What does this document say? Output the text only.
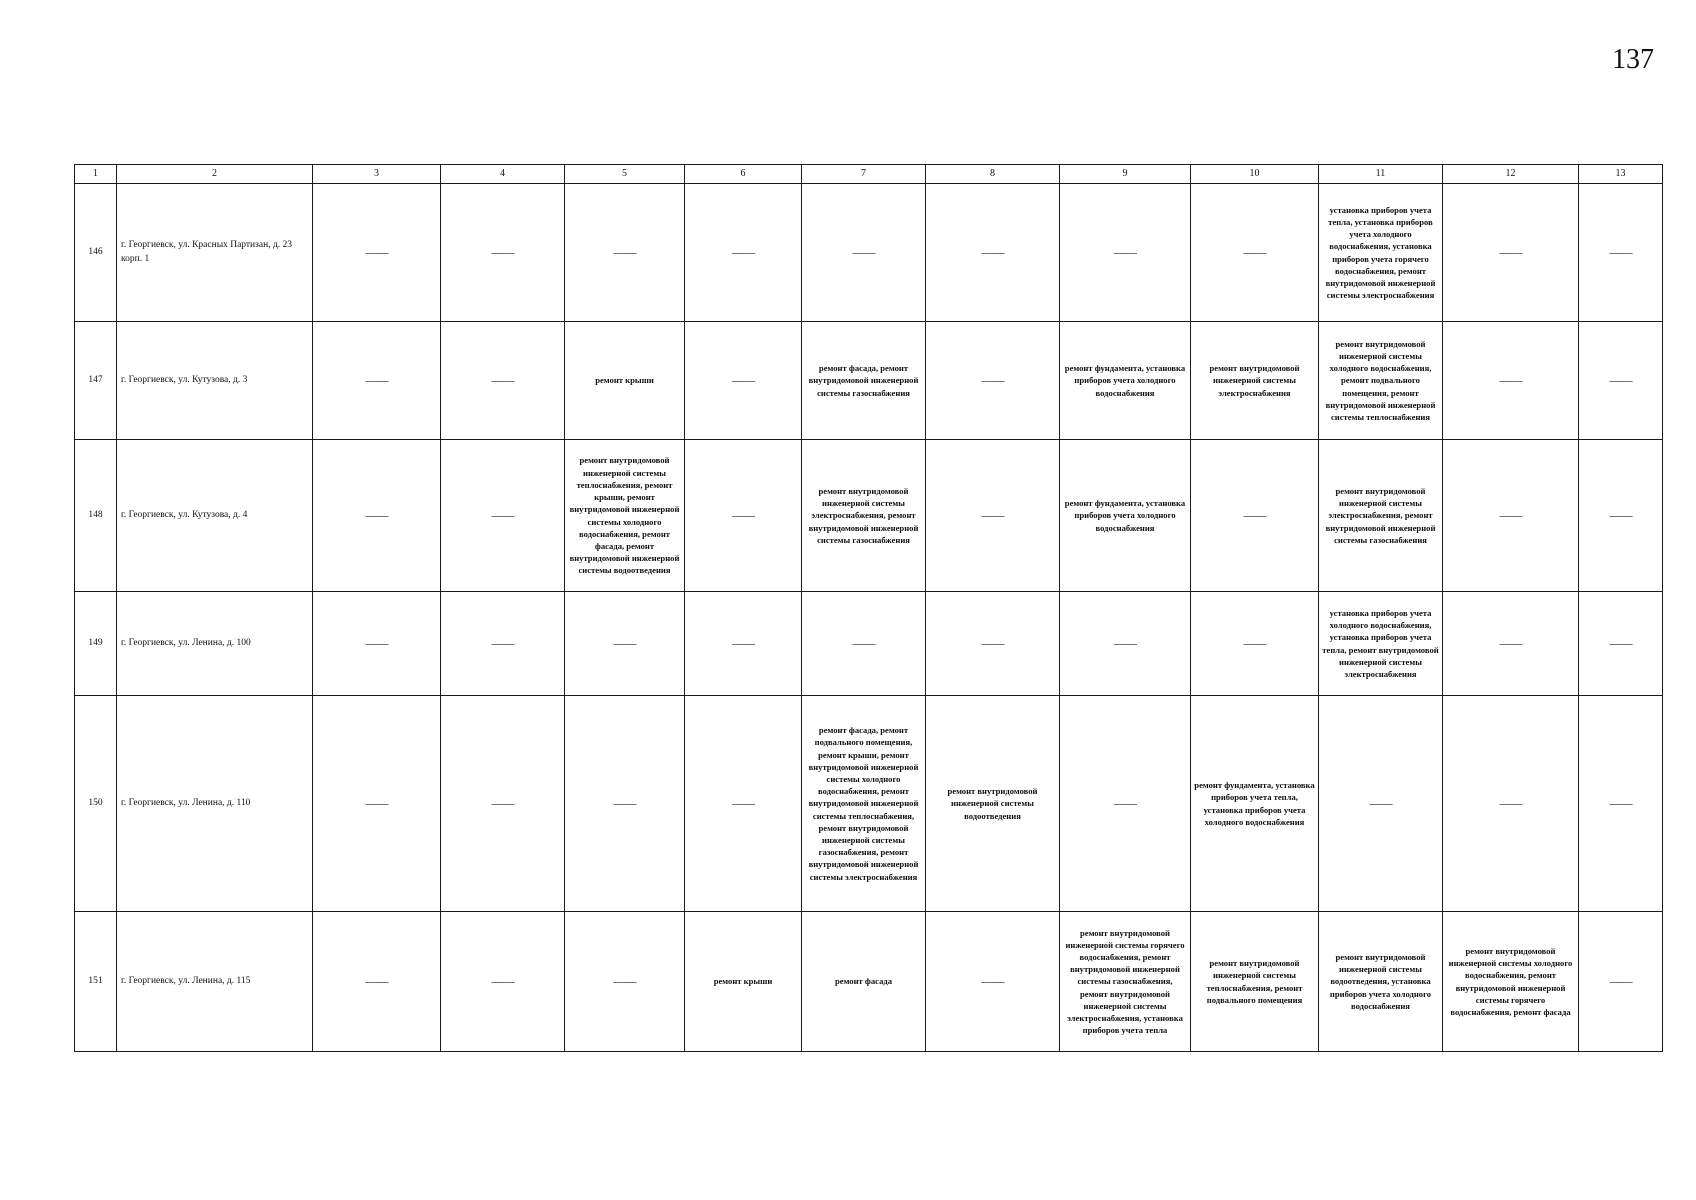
137
1	2	3	4	5	6	7	8	9	10	11	12	13
146	г. Георгиевск, ул. Красных Партизан, д. 23 корп. 1	——	——	——	——	——	——	——	——	установка приборов учета тепла, установка приборов учета холодного водоснабжения, установка приборов учета горячего водоснабжения, ремонт внутридомовой инженерной системы электроснабжения	——	——
147	г. Георгиевск, ул. Кутузова, д. 3	——	——	ремонт крыши	——	ремонт фасада, ремонт внутридомовой инженерной системы газоснабжения	——	ремонт фундамента, установка приборов учета холодного водоснабжения	ремонт внутридомовой инженерной системы электроснабжения	ремонт внутридомовой инженерной системы холодного водоснабжения, ремонт подвального помещения, ремонт внутридомовой инженерной системы теплоснабжения	——	——
148	г. Георгиевск, ул. Кутузова, д. 4	——	——	ремонт внутридомовой инженерной системы теплоснабжения, ремонт крыши, ремонт внутридомовой инженерной системы холодного водоснабжения, ремонт фасада, ремонт внутридомовой инженерной системы водоотведения	——	ремонт внутридомовой инженерной системы электроснабжения, ремонт внутридомовой инженерной системы газоснабжения	——	ремонт фундамента, установка приборов учета холодного водоснабжения	——	ремонт внутридомовой инженерной системы электроснабжения, ремонт внутридомовой инженерной системы газоснабжения	——	——
149	г. Георгиевск, ул. Ленина, д. 100	——	——	——	——	——	——	——	——	установка приборов учета холодного водоснабжения, установка приборов учета тепла, ремонт внутридомовой инженерной системы электроснабжения	——	——
150	г. Георгиевск, ул. Ленина, д. 110	——	——	——	——	ремонт фасада, ремонт подвального помещения, ремонт крыши, ремонт внутридомовой инженерной системы холодного водоснабжения, ремонт внутридомовой инженерной системы теплоснабжения, ремонт внутридомовой инженерной системы газоснабжения, ремонт внутридомовой инженерной системы электроснабжения	ремонт внутридомовой инженерной системы водоотведения	——	ремонт фундамента, установка приборов учета тепла, установка приборов учета холодного водоснабжения	——	——	——
151	г. Георгиевск, ул. Ленина, д. 115	——	——	——	ремонт крыши	ремонт фасада	——	ремонт внутридомовой инженерной системы горячего водоснабжения, ремонт внутридомовой инженерной системы газоснабжения, ремонт внутридомовой инженерной системы электроснабжения, установка приборов учета тепла	ремонт внутридомовой инженерной системы теплоснабжения, ремонт подвального помещения	ремонт внутридомовой инженерной системы водоотведения, установка приборов учета холодного водоснабжения	ремонт внутридомовой инженерной системы холодного водоснабжения, ремонт внутридомовой инженерной системы горячего водоснабжения, ремонт фасада	——
